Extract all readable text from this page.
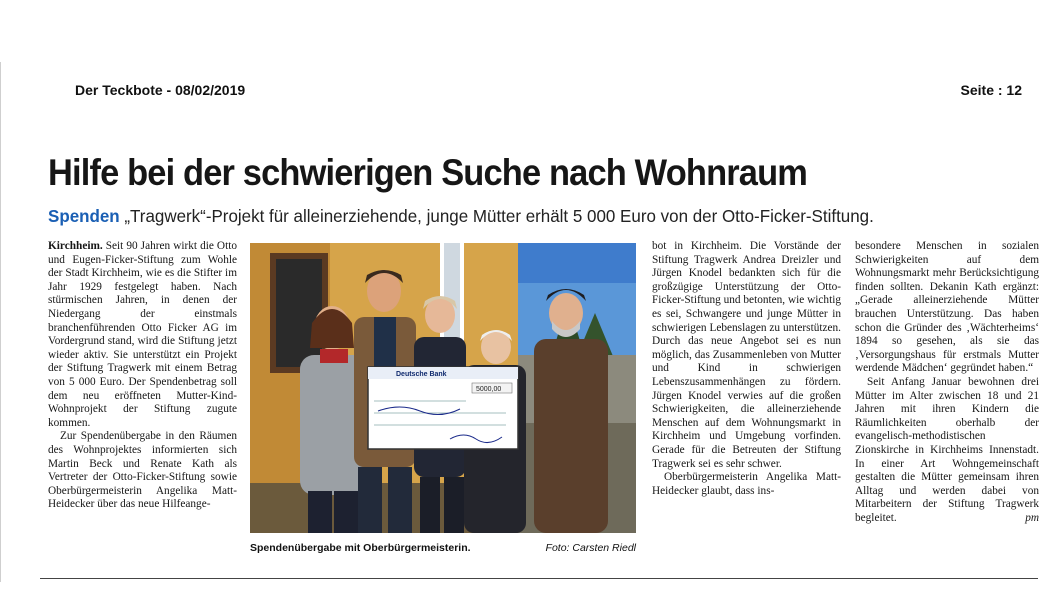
Der Teckbote - 08/02/2019	Seite : 12
Hilfe bei der schwierigen Suche nach Wohnraum
Spenden „Tragwerk“-Projekt für alleinerziehende, junge Mütter erhält 5 000 Euro von der Otto-Ficker-Stiftung.

Kirchheim. Seit 90 Jahren wirkt die Otto und Eugen-Ficker-Stiftung zum Wohle der Stadt Kirchheim, wie es die Stifter im Jahr 1929 festgelegt haben. Nach stürmischen Jahren, in denen der Niedergang der einstmals branchenführenden Otto Ficker AG im Vordergrund stand, wird die Stiftung jetzt wieder aktiv. Sie unterstützt ein Projekt der Stiftung Tragwerk mit einem Betrag von 5 000 Euro. Der Spendenbetrag soll dem neu eröffneten Mutter-Kind-Wohnprojekt der Stiftung zugute kommen.

Zur Spendenübergabe in den Räumen des Wohnprojektes informierten sich Martin Beck und Renate Kath als Vertreter der Otto-Ficker-Stiftung sowie Oberbürgermeisterin Angelika Matt-Heidecker über das neue Hilfeange-

Deutsche Bank
5000,00
Spendenübergabe mit Oberbürgermeisterin.	Foto: Carsten Riedl

bot in Kirchheim. Die Vorstände der Stiftung Tragwerk Andrea Dreizler und Jürgen Knodel bedankten sich für die großzügige Unterstützung der Otto-Ficker-Stiftung und betonten, wie wichtig es sei, Schwangere und junge Mütter in schwierigen Lebenslagen zu unterstützen. Durch das neue Angebot sei es nun möglich, das Zusammenleben von Mutter und Kind in schwierigen Lebenszusammenhängen zu fördern. Jürgen Knodel verwies auf die großen Schwierigkeiten, die alleinerziehende Menschen auf dem Wohnungsmarkt in Kirchheim und Umgebung vorfinden. Gerade für die Betreuten der Stiftung Tragwerk sei es sehr schwer.

Oberbürgermeisterin Angelika Matt-Heidecker glaubt, dass ins-

besondere Menschen in sozialen Schwierigkeiten auf dem Wohnungsmarkt mehr Berücksichtigung finden sollten. Dekanin Kath ergänzt: „Gerade alleinerziehende Mütter brauchen Unterstützung. Das haben schon die Gründer des ‚Wächterheims‘ 1894 so gesehen, als sie das ‚Versorgungshaus für erstmals Mutter werdende Mädchen‘ gegründet haben.“

Seit Anfang Januar bewohnen drei Mütter im Alter zwischen 18 und 21 Jahren mit ihren Kindern die Räumlichkeiten oberhalb der evangelisch-methodistischen Zionskirche in Kirchheims Innenstadt. In einer Art Wohngemeinschaft gestalten die Mütter gemeinsam ihren Alltag und werden dabei von Mitarbeitern der Stiftung Tragwerk begleitet.	pm
